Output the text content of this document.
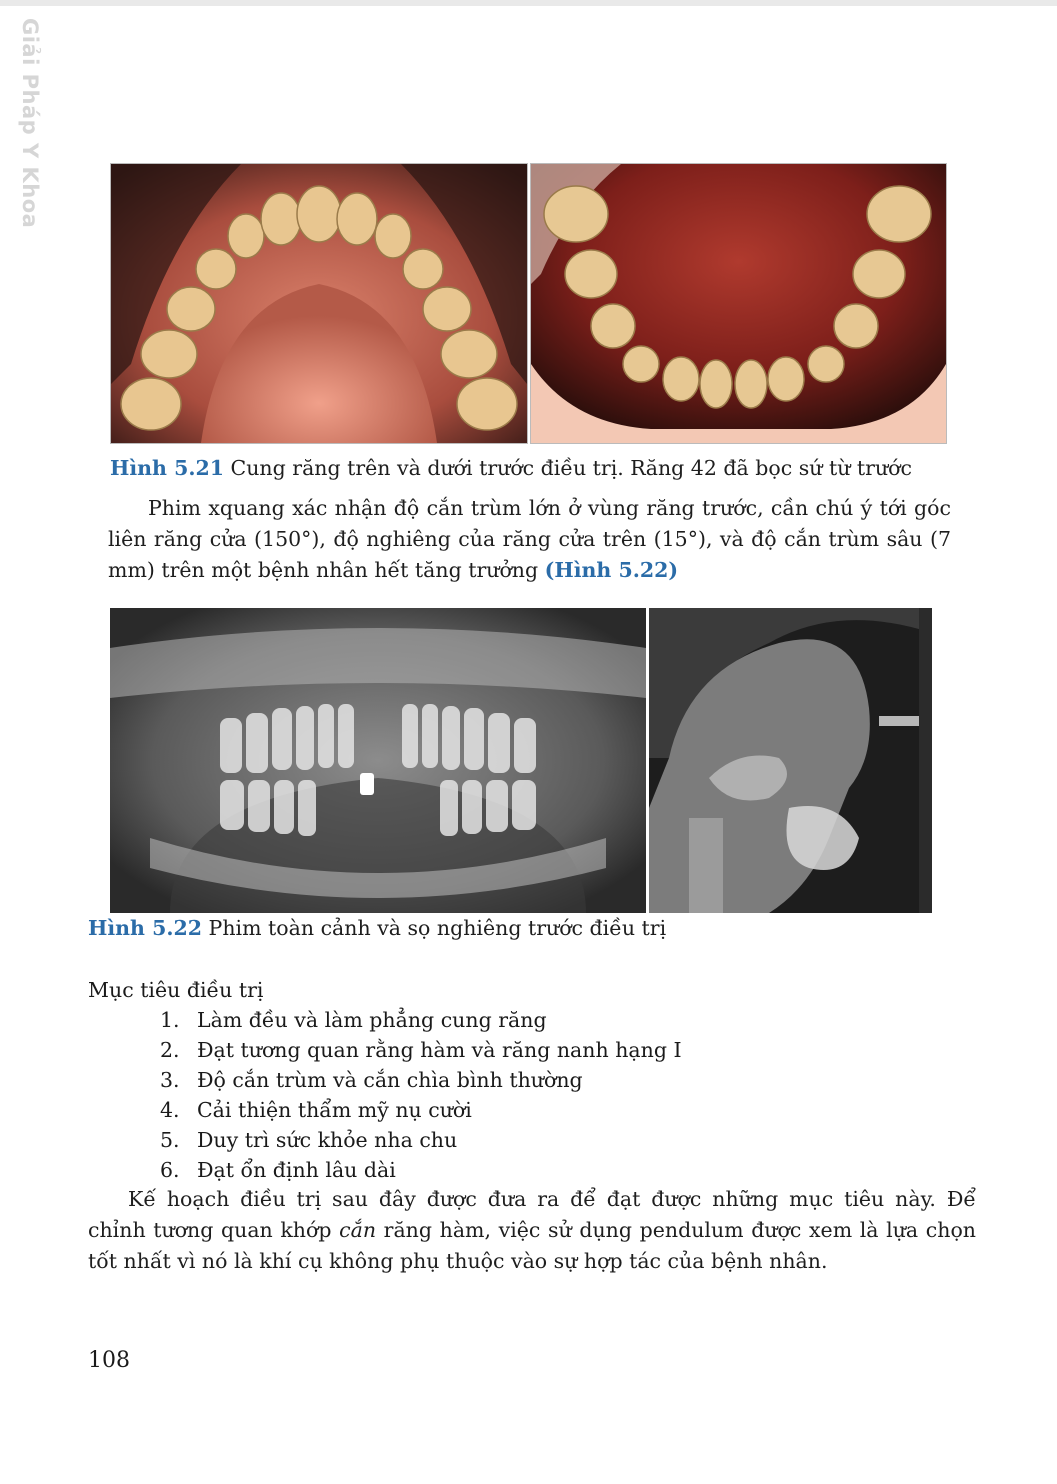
Giải Pháp Y Khoa
Hình 5.21 Cung răng trên và dưới trước điều trị. Răng 42 đã bọc sứ từ trước
Phim xquang xác nhận độ cắn trùm lớn ở vùng răng trước, cần chú ý tới góc
liên răng cửa (150°), độ nghiêng của răng cửa trên (15°), và độ cắn trùm sâu (7
mm) trên một bệnh nhân hết tăng trưởng (Hình 5.22)
Hình 5.22 Phim toàn cảnh và sọ nghiêng trước điều trị
Mục tiêu điều trị
1. Làm đều và làm phẳng cung răng
2. Đạt tương quan rằng hàm và răng nanh hạng I
3. Độ cắn trùm và cắn chìa bình thường
4. Cải thiện thẩm mỹ nụ cười
5. Duy trì sức khỏe nha chu
6. Đạt ổn định lâu dài
Kế hoạch điều trị sau đây được đưa ra để đạt được những mục tiêu này. Để
chỉnh tương quan khớp cắn răng hàm, việc sử dụng pendulum được xem là lựa chọn
tốt nhất vì nó là khí cụ không phụ thuộc vào sự hợp tác của bệnh nhân.
108
